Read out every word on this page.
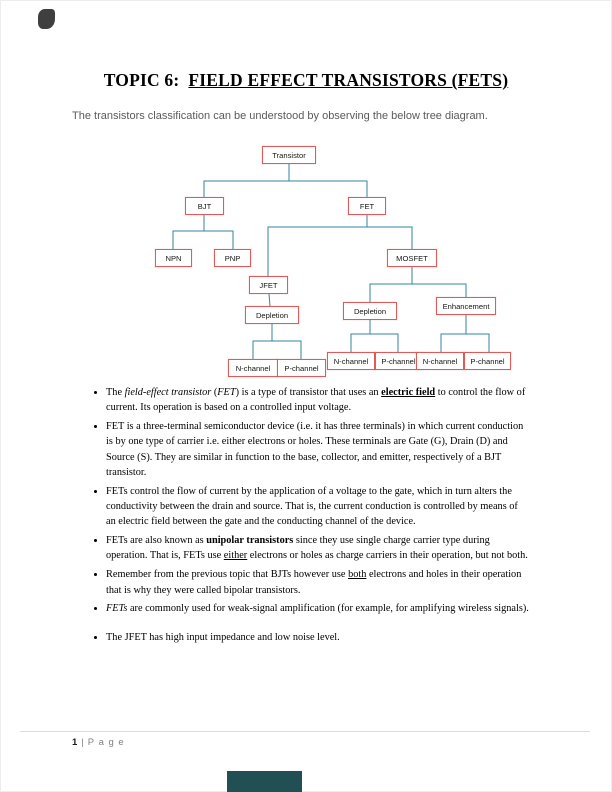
TOPIC 6: FIELD EFFECT TRANSISTORS (FETS)
The transistors classification can be understood by observing the below tree diagram.
Transistor
BJT	FET
NPN	PNP
JFET
MOSFET
Depletion	Depletion
Enhancement
N-channel	P-channel
N-channel	P-channel N-channel	P-channel
• The field-effect transistor (FET) is a type of transistor that uses an electric field to control the flow of current. Its operation is based on a controlled input voltage.
• FET is a three-terminal semiconductor device (i.e. it has three terminals) in which current conduction is by one type of carrier i.e. either electrons or holes. These terminals are Gate (G), Drain (D) and Source (S). They are similar in function to the base, collector, and emitter, respectively of a BJT transistor.
• FETs control the flow of current by the application of a voltage to the gate, which in turn alters the conductivity between the drain and source. That is, the current conduction is controlled by means of an electric field between the gate and the conducting channel of the device.
• FETs are also known as unipolar transistors since they use single charge carrier type during operation. That is, FETs use either electrons or holes as charge carriers in their operation, but not both.
• Remember from the previous topic that BJTs however use both electrons and holes in their operation that is why they were called bipolar transistors.
• FETs are commonly used for weak-signal amplification (for example, for amplifying wireless signals).
• The JFET has high input impedance and low noise level.
1 | P a g e
